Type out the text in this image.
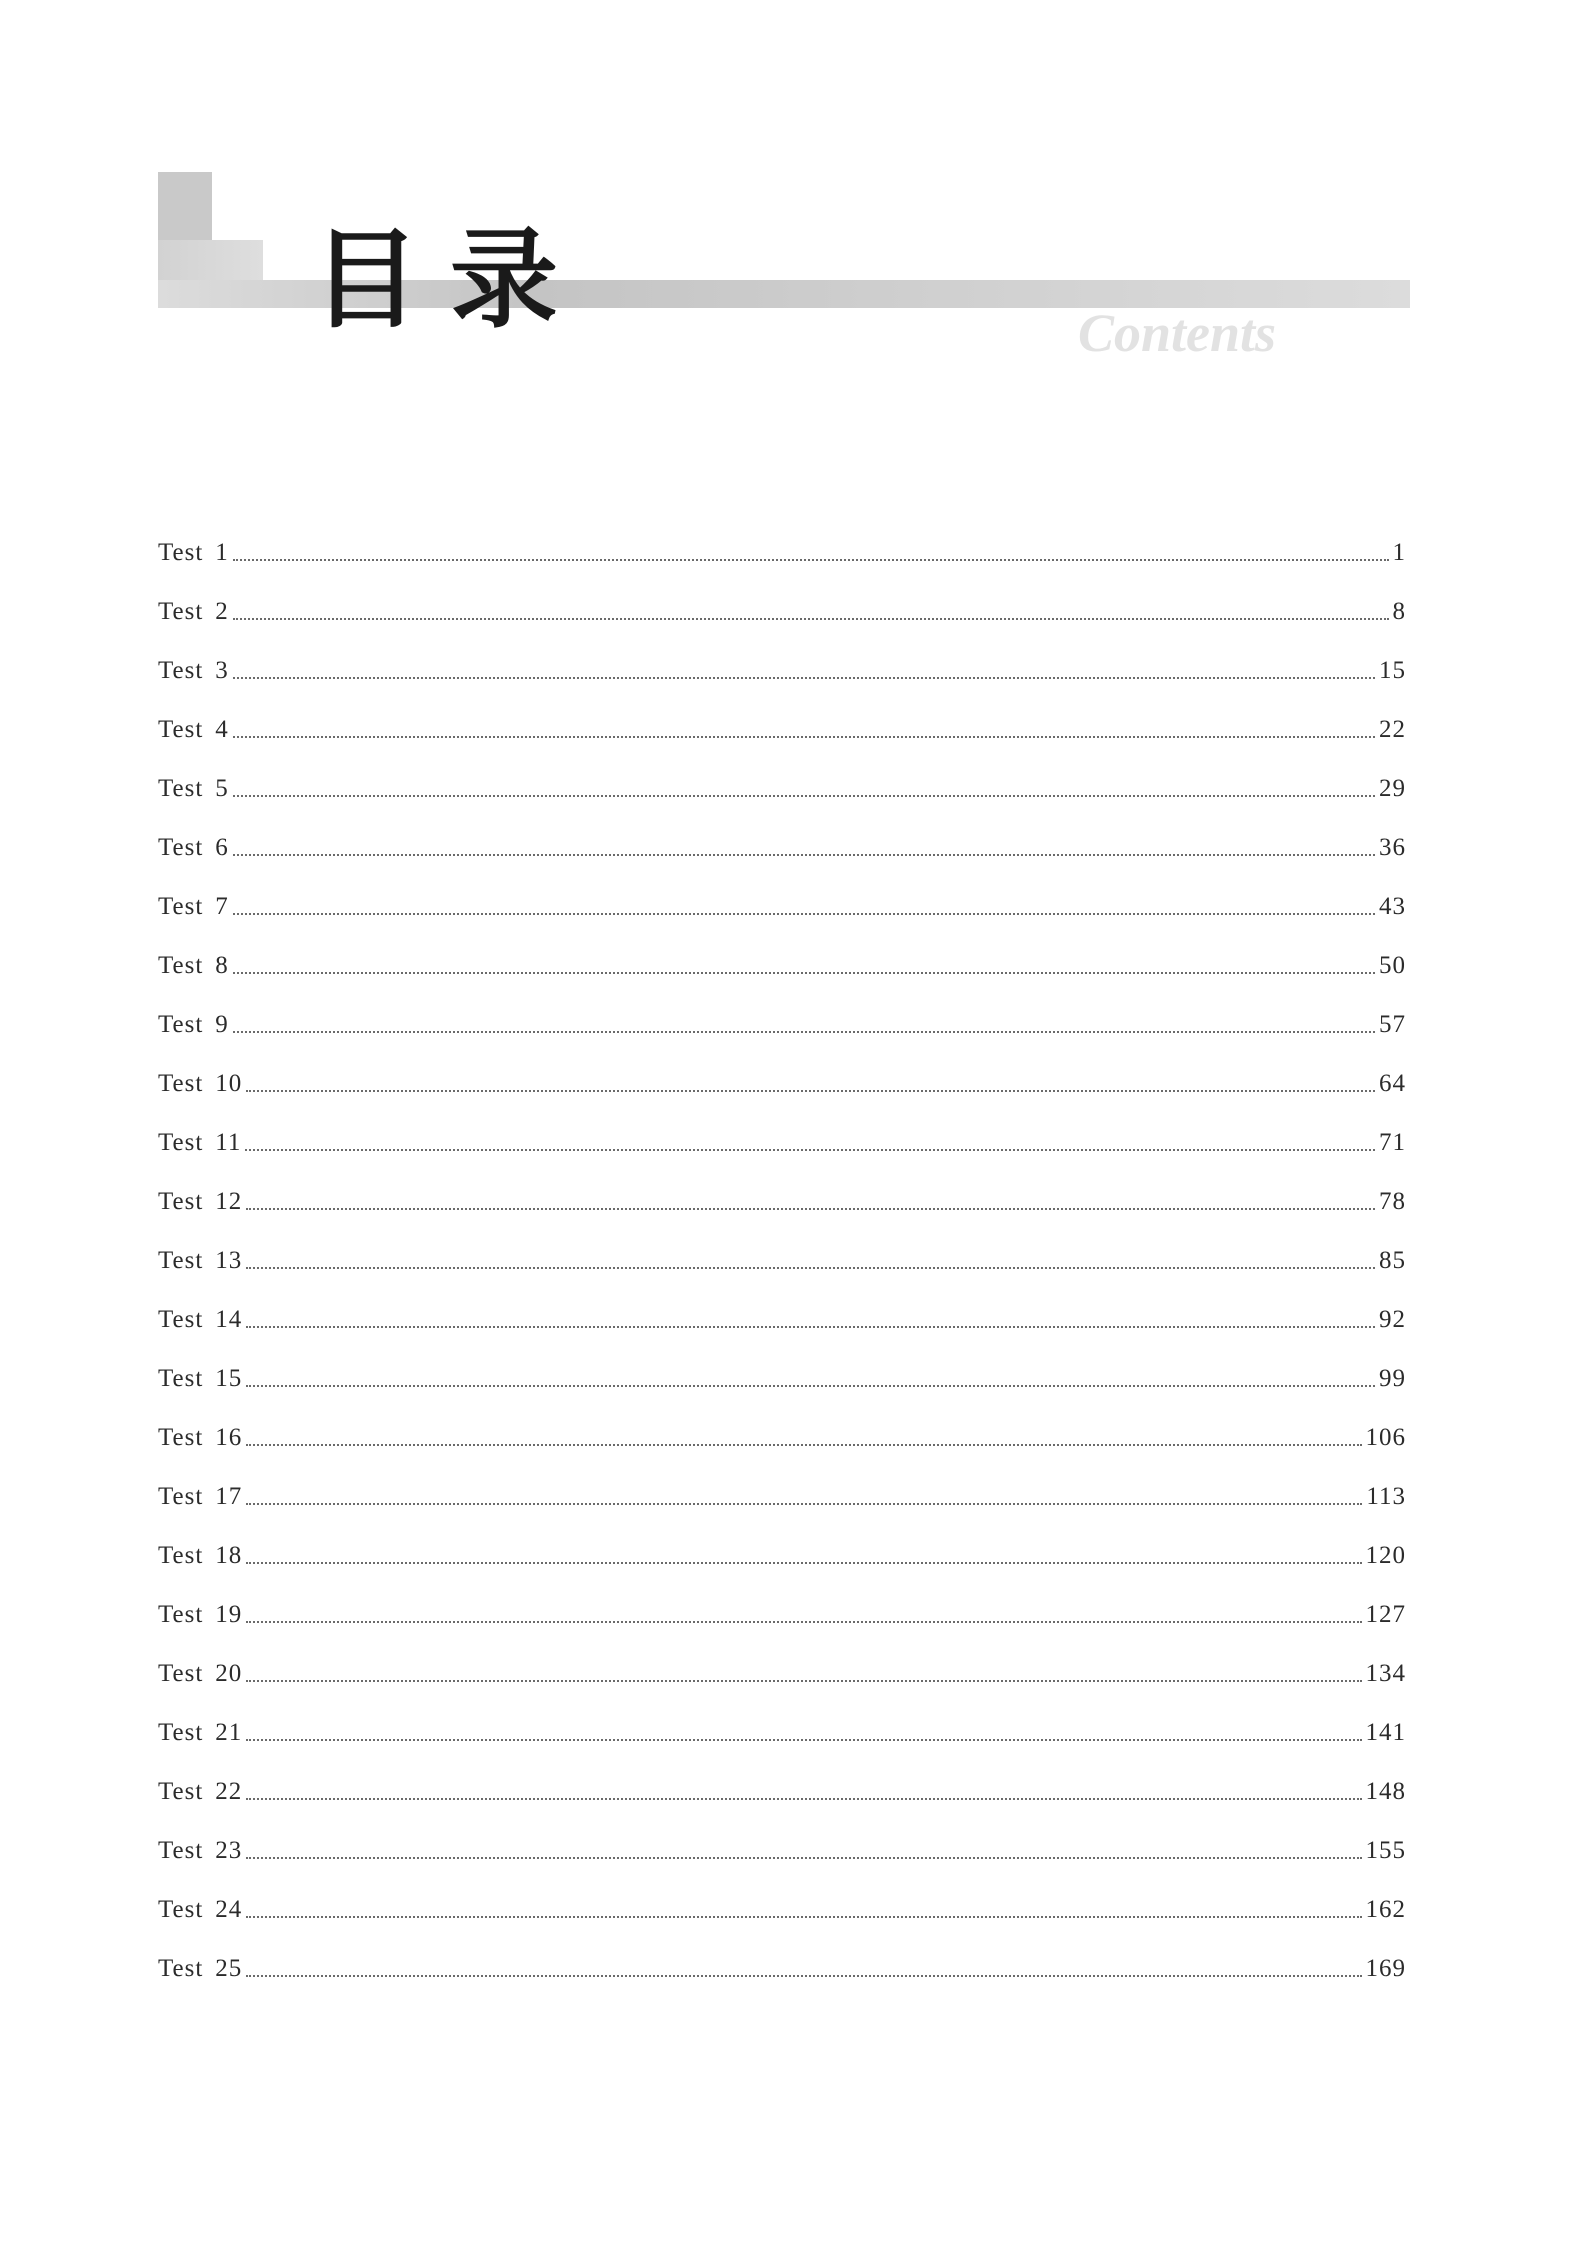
目录	Contents
Test 1	1
Test 2	8
Test 3	15
Test 4	22
Test 5	29
Test 6	36
Test 7	43
Test 8	50
Test 9	57
Test 10	64
Test 11	71
Test 12	78
Test 13	85
Test 14	92
Test 15	99
Test 16	106
Test 17	113
Test 18	120
Test 19	127
Test 20	134
Test 21	141
Test 22	148
Test 23	155
Test 24	162
Test 25	169
